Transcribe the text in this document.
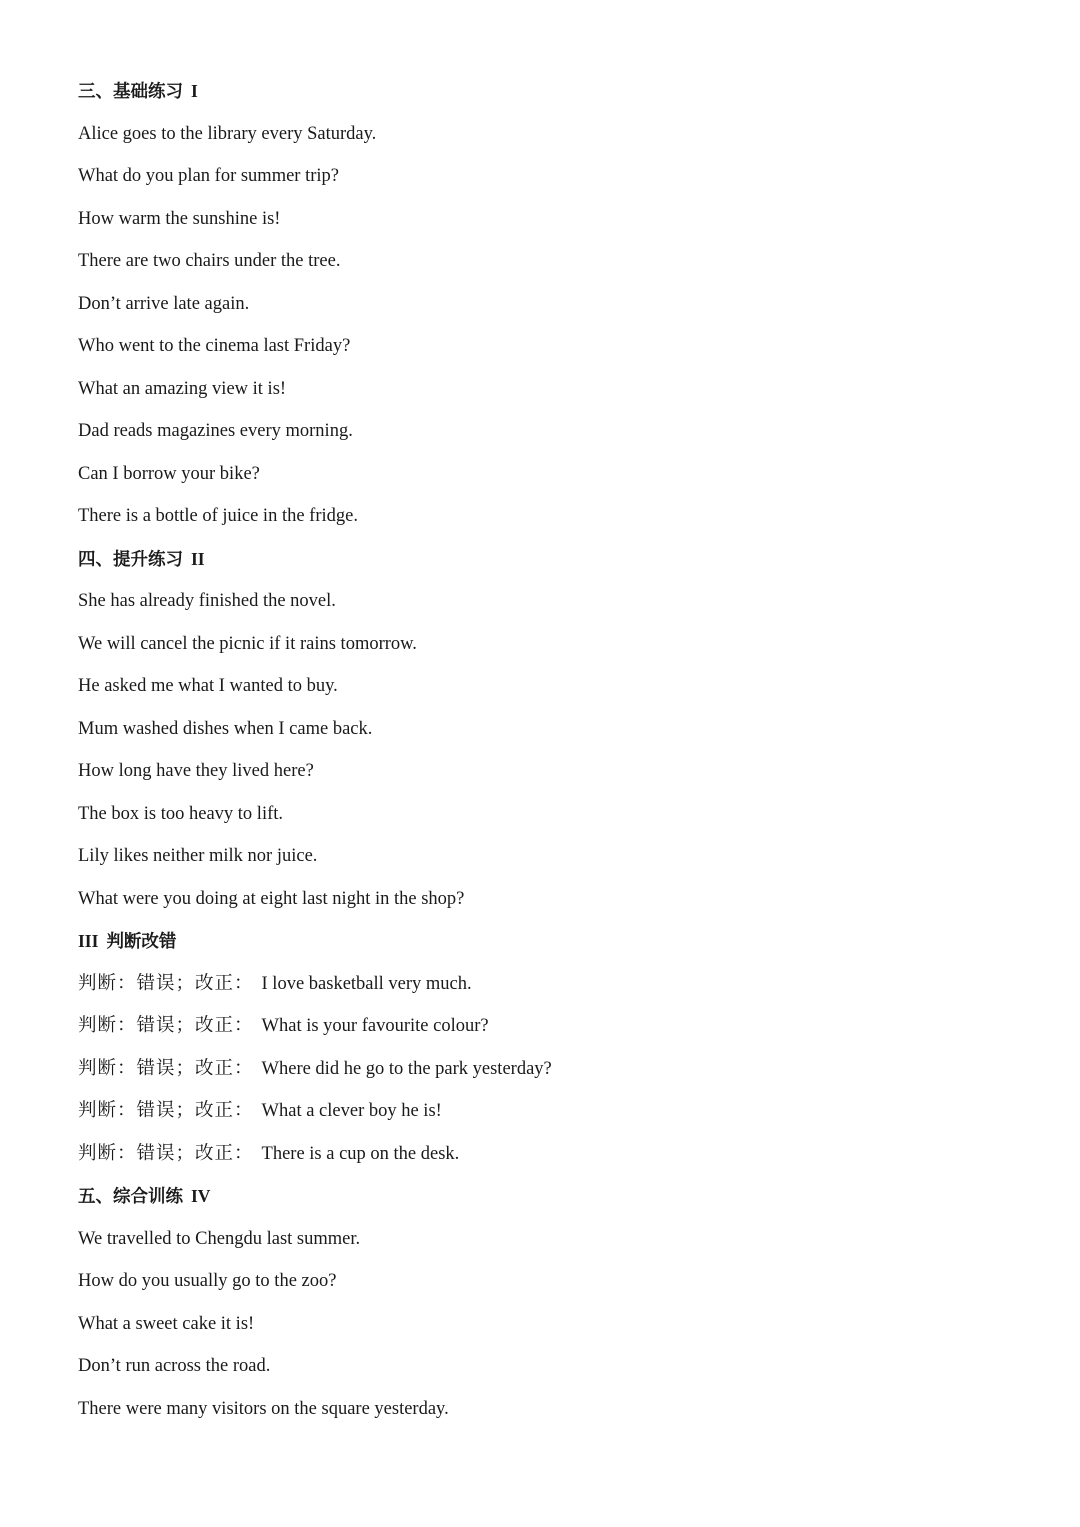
三、基础练习 I
Alice goes to the library every Saturday.
What do you plan for summer trip?
How warm the sunshine is!
There are two chairs under the tree.
Don’t arrive late again.
Who went to the cinema last Friday?
What an amazing view it is!
Dad reads magazines every morning.
Can I borrow your bike?
There is a bottle of juice in the fridge.
四、提升练习 II
She has already finished the novel.
We will cancel the picnic if it rains tomorrow.
He asked me what I wanted to buy.
Mum washed dishes when I came back.
How long have they lived here?
The box is too heavy to lift.
Lily likes neither milk nor juice.
What were you doing at eight last night in the shop?
III 判断改错
判断：错误；改正： I love basketball very much.
判断：错误；改正： What is your favourite colour?
判断：错误；改正： Where did he go to the park yesterday?
判断：错误；改正： What a clever boy he is!
判断：错误；改正： There is a cup on the desk.
五、综合训练 IV
We travelled to Chengdu last summer.
How do you usually go to the zoo?
What a sweet cake it is!
Don’t run across the road.
There were many visitors on the square yesterday.
